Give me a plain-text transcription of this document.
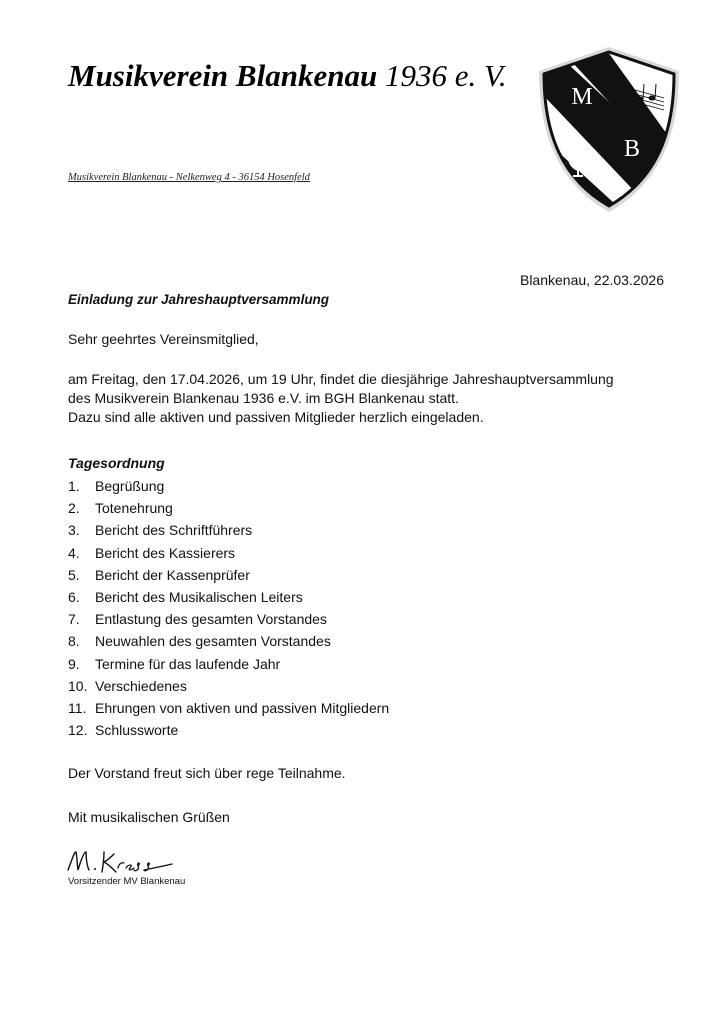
Musikverein Blankenau 1936 e. V.
Musikverein Blankenau - Nelkenweg 4 - 36154 Hosenfeld
M
V
B
𝄞
Blankenau, 22.03.2026
Einladung zur Jahreshauptversammlung
Sehr geehrtes Vereinsmitglied,
am Freitag, den 17.04.2026, um 19 Uhr, findet die diesjährige Jahreshauptversammlung
des Musikverein Blankenau 1936 e.V. im BGH Blankenau statt.
Dazu sind alle aktiven und passiven Mitglieder herzlich eingeladen.
Tagesordnung
1. Begrüßung
2. Totenehrung
3. Bericht des Schriftführers
4. Bericht des Kassierers
5. Bericht der Kassenprüfer
6. Bericht des Musikalischen Leiters
7. Entlastung des gesamten Vorstandes
8. Neuwahlen des gesamten Vorstandes
9. Termine für das laufende Jahr
10. Verschiedenes
11. Ehrungen von aktiven und passiven Mitgliedern
12. Schlussworte
Der Vorstand freut sich über rege Teilnahme.
Mit musikalischen Grüßen
Vorsitzender MV Blankenau
